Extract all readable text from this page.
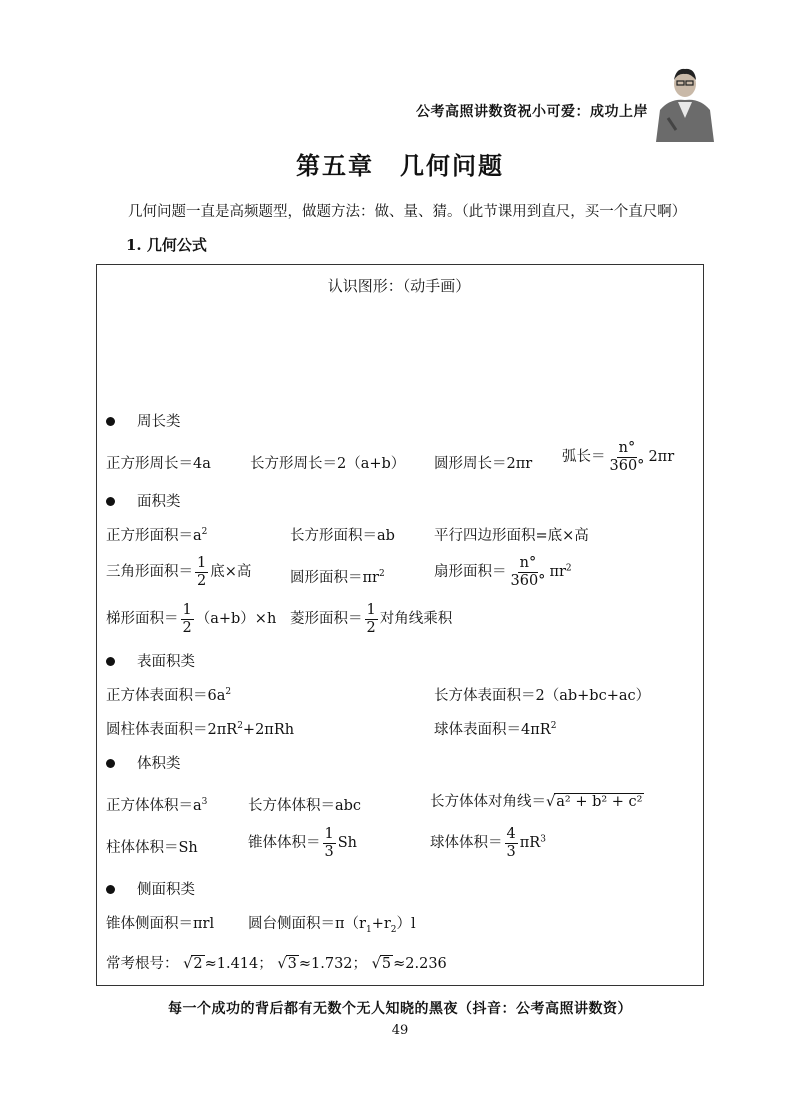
公考高照讲数资祝小可爱：成功上岸
第五章　几何问题
几何问题一直是高频题型，做题方法：做、量、猜。（此节课用到直尺，买一个直尺啊）
1. 几何公式
认识图形：（动手画）
周长类
正方形周长＝4a	长方形周长＝2（a+b） 圆形周长＝2πr 弧长＝ $\frac{n^\circ}{360^\circ} 2\pi r$
面积类
正方形面积$=a^2$	长方形面积＝ab	平行四边形面积=底×高
三角形面积＝ $\frac{1}{2}$ 底×高	圆形面积$=\pi r^2$	扇形面积＝ $\frac{n^\circ}{360^\circ} \pi r^2$
梯形面积＝ $\frac{1}{2} (a+b)\times h$ 菱形面积＝ $\frac{1}{2}$ 对角线乘积
表面积类
正方体表面积$=6a^2$	长方体表面积＝2（ab+bc+ac）
圆柱体表面积$=2\pi R^2+2\pi Rh$	球体表面积$=4\pi R^2$
体积类
正方体体积$=a^3$	长方体体积＝abc	长方体体对角线＝√a² + b² + c²
柱体体积＝Sh	锥体体积＝ $\frac{1}{3}$ Sh	球体体积＝ $\frac{4}{3} \pi R^3$
侧面积类
锥体侧面积＝πrl 圆台侧面积$=\pi(r_1+r_2)l$
常考根号： √2 ≈1.414； √3 ≈1.732； √5 ≈2.236
每一个成功的背后都有无数个无人知晓的黑夜（抖音：公考高照讲数资）
49
